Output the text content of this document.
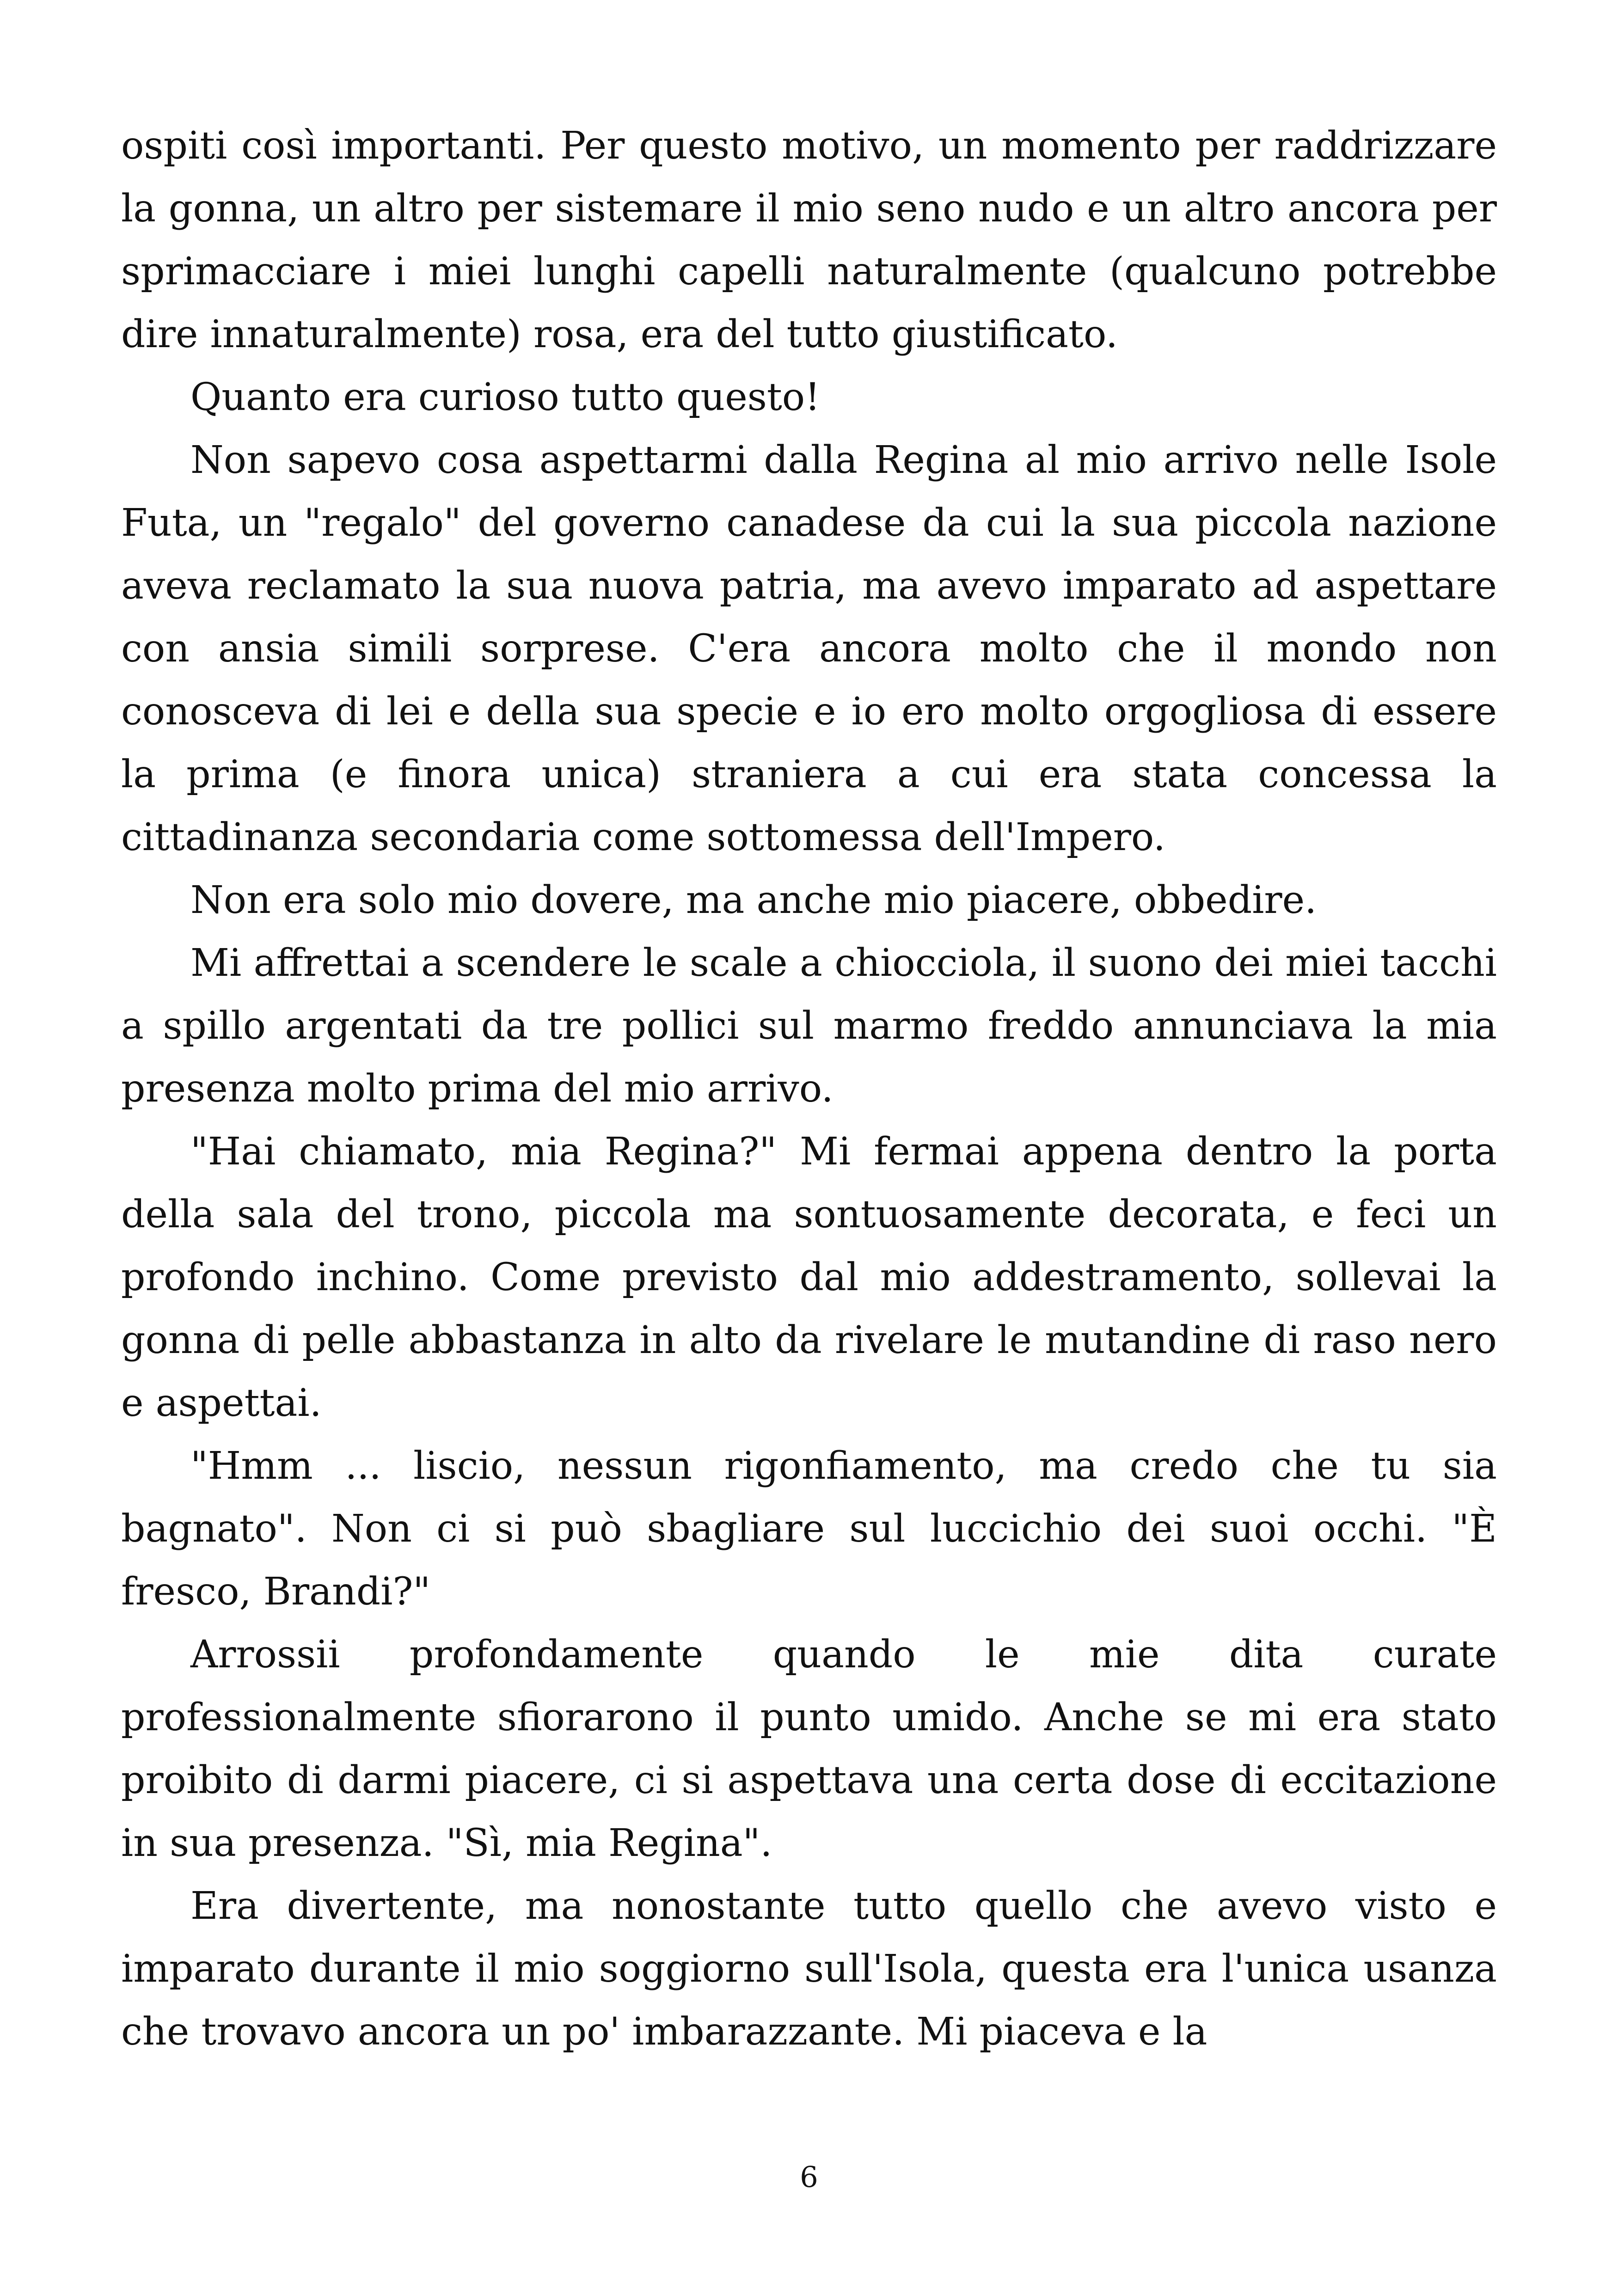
ospiti così importanti. Per questo motivo, un momento per raddrizzare la gonna, un altro per sistemare il mio seno nudo e un altro ancora per sprimacciare i miei lunghi capelli naturalmente (qualcuno potrebbe dire innaturalmente) rosa, era del tutto giustificato.

Quanto era curioso tutto questo!

Non sapevo cosa aspettarmi dalla Regina al mio arrivo nelle Isole Futa, un "regalo" del governo canadese da cui la sua piccola nazione aveva reclamato la sua nuova patria, ma avevo imparato ad aspettare con ansia simili sorprese. C'era ancora molto che il mondo non conosceva di lei e della sua specie e io ero molto orgogliosa di essere la prima (e finora unica) straniera a cui era stata concessa la cittadinanza secondaria come sottomessa dell'Impero.

Non era solo mio dovere, ma anche mio piacere, obbedire.

Mi affrettai a scendere le scale a chiocciola, il suono dei miei tacchi a spillo argentati da tre pollici sul marmo freddo annunciava la mia presenza molto prima del mio arrivo.

"Hai chiamato, mia Regina?" Mi fermai appena dentro la porta della sala del trono, piccola ma sontuosamente decorata, e feci un profondo inchino. Come previsto dal mio addestramento, sollevai la gonna di pelle abbastanza in alto da rivelare le mutandine di raso nero e aspettai.

"Hmm ... liscio, nessun rigonfiamento, ma credo che tu sia bagnato". Non ci si può sbagliare sul luccichio dei suoi occhi. "È fresco, Brandi?"

Arrossii profondamente quando le mie dita curate professionalmente sfiorarono il punto umido. Anche se mi era stato proibito di darmi piacere, ci si aspettava una certa dose di eccitazione in sua presenza. "Sì, mia Regina".

Era divertente, ma nonostante tutto quello che avevo visto e imparato durante il mio soggiorno sull'Isola, questa era l'unica usanza che trovavo ancora un po' imbarazzante. Mi piaceva e la

6
